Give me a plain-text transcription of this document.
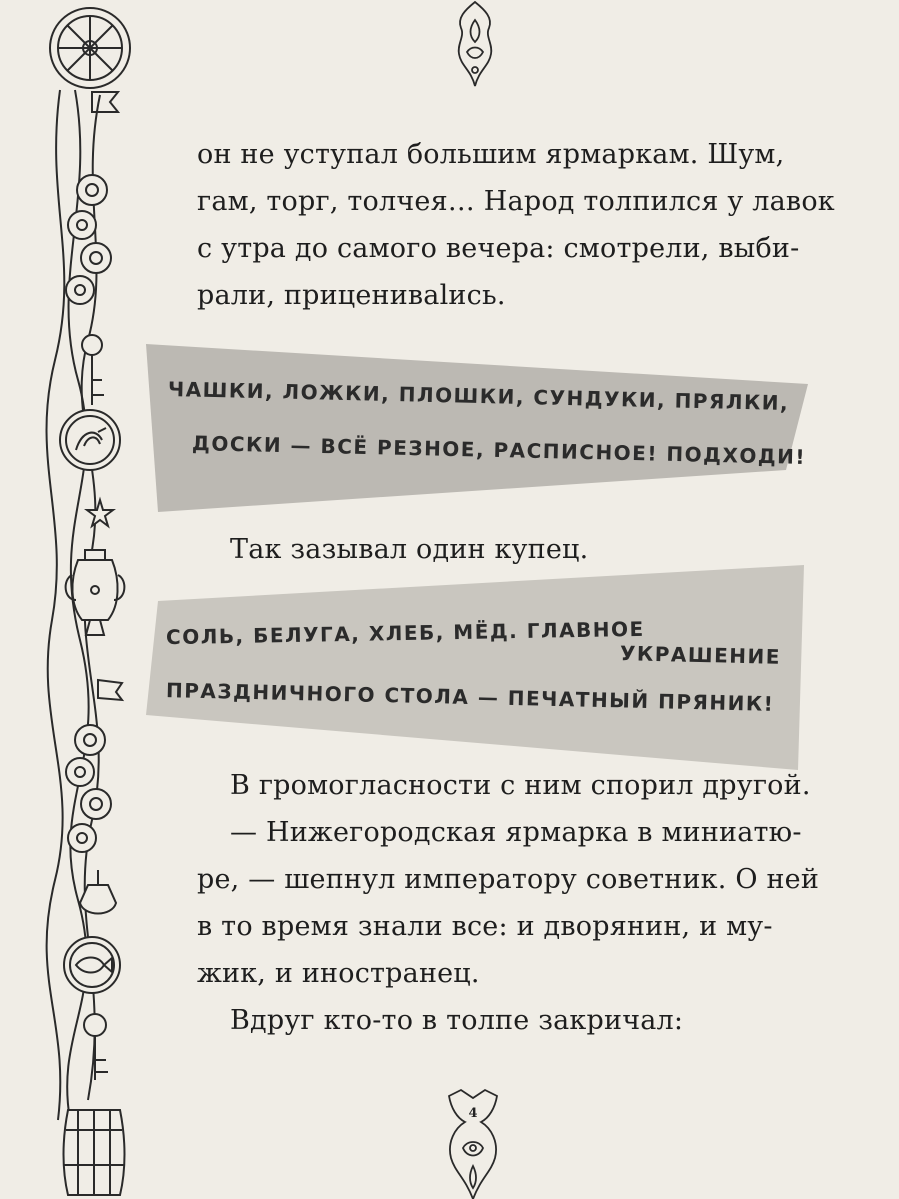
он не уступал большим ярмаркам. Шум,
гам, торг, толчея… Народ толпился у лавок
с утра до самого вечера: смотрели, выби-
рали, прицениваlись.
ЧАШКИ, ЛОЖКИ, ПЛОШКИ, СУНДУКИ, ПРЯЛКИ,
ДОСКИ — ВСЁ РЕЗНОЕ, РАСПИСНОЕ! ПОДХОДИ!
Так зазывал один купец.
СОЛЬ, БЕЛУГА, ХЛЕБ, МЁД. ГЛАВНОЕ
УКРАШЕНИЕ
ПРАЗДНИЧНОГО СТОЛА — ПЕЧАТНЫЙ ПРЯНИК!
В громогласности с ним спорил другой.
— Нижегородская ярмарка в миниатю-
ре, — шепнул императору советник. О ней
в то время знали все: и дворянин, и му-
жик, и иностранец.
Вдруг кто-то в толпе закричал:
4
